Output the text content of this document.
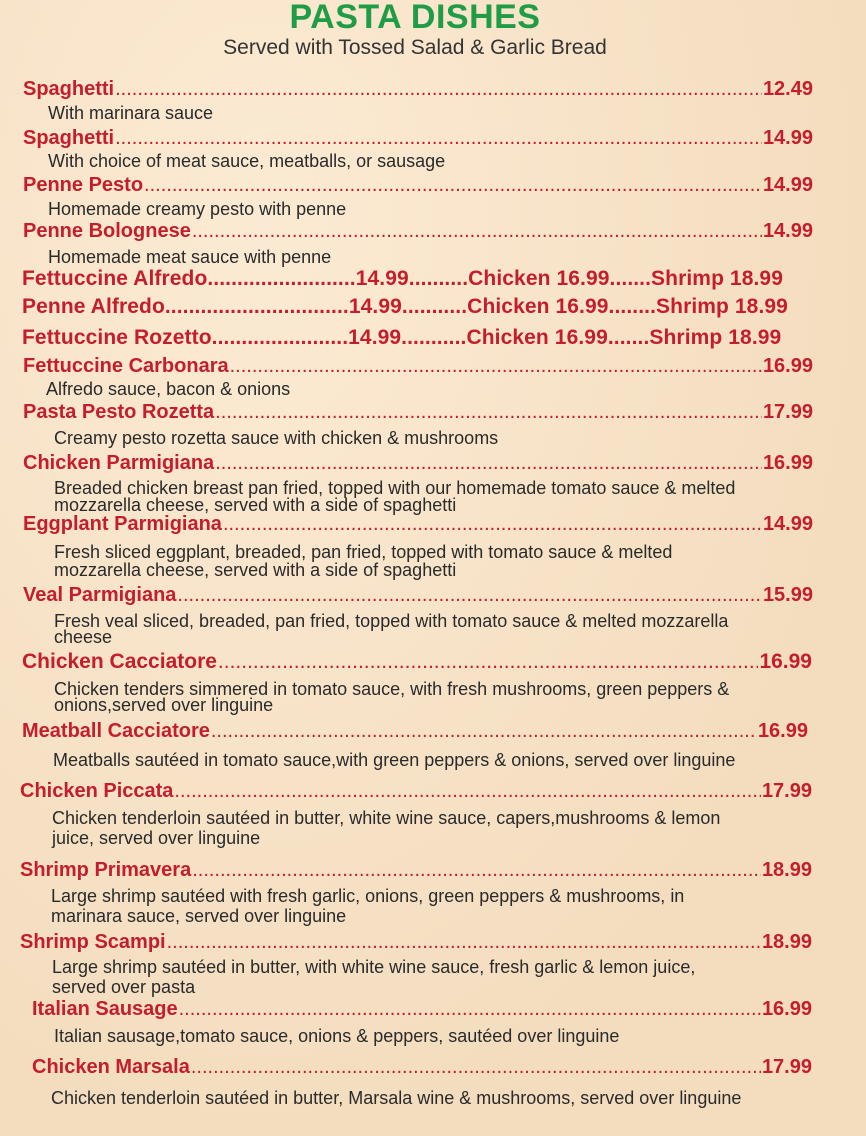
PASTA DISHES
Served with Tossed Salad & Garlic Bread
Spaghetti .....	12.49
With marinara sauce
Spaghetti .....	14.99
With choice of meat sauce, meatballs, or sausage
Penne Pesto .....	14.99
Homemade creamy pesto with penne
Penne Bolognese .....	14.99
Homemade meat sauce with penne
Fettuccine Alfredo.........................14.99..........Chicken 16.99.......Shrimp 18.99
Penne Alfredo...............................14.99...........Chicken 16.99........Shrimp 18.99
Fettuccine Rozetto.......................14.99...........Chicken 16.99.......Shrimp 18.99
Fettuccine Carbonara .....	16.99
Alfredo sauce, bacon & onions
Pasta Pesto Rozetta .....	17.99
Creamy pesto rozetta sauce with chicken & mushrooms
Chicken Parmigiana .....	16.99
Breaded chicken breast pan fried, topped with our homemade tomato sauce & melted
mozzarella cheese, served with a side of spaghetti
Eggplant Parmigiana .....	14.99
Fresh sliced eggplant, breaded, pan fried, topped with tomato sauce & melted
mozzarella cheese, served with a side of spaghetti
Veal Parmigiana .....	15.99
Fresh veal sliced, breaded, pan fried, topped with tomato sauce & melted mozzarella
cheese
Chicken Cacciatore .....	16.99
Chicken tenders simmered in tomato sauce, with fresh mushrooms, green peppers &
onions,served over linguine
Meatball Cacciatore .....	16.99
Meatballs sautéed in tomato sauce,with green peppers & onions, served over linguine
Chicken Piccata .....	17.99
Chicken tenderloin sautéed in butter, white wine sauce, capers,mushrooms & lemon
juice, served over linguine
Shrimp Primavera .....	18.99
Large shrimp sautéed with fresh garlic, onions, green peppers & mushrooms, in
marinara sauce, served over linguine
Shrimp Scampi .....	18.99
Large shrimp sautéed in butter, with white wine sauce, fresh garlic & lemon juice,
served over pasta
Italian Sausage .....	16.99
Italian sausage,tomato sauce, onions & peppers, sautéed over linguine
Chicken Marsala .....	17.99
Chicken tenderloin sautéed in butter, Marsala wine & mushrooms, served over linguine
